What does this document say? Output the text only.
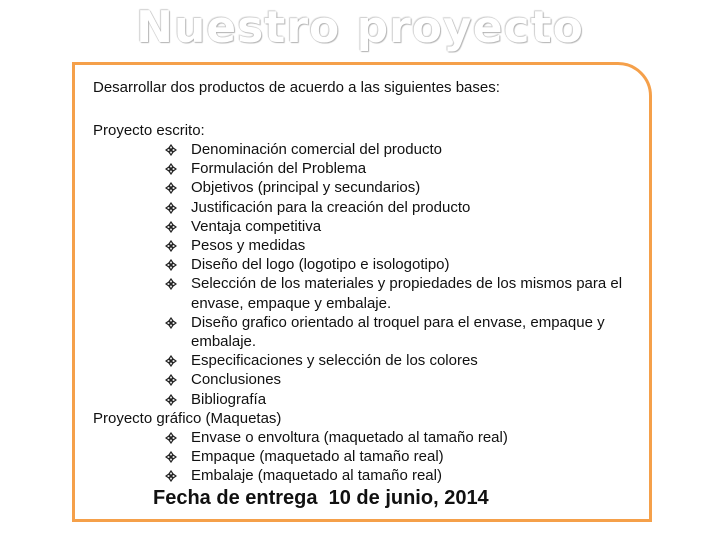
Nuestro proyecto
Desarrollar dos productos de acuerdo a las siguientes bases:
Proyecto escrito:
Denominación comercial del producto
Formulación del Problema
Objetivos (principal y secundarios)
Justificación para la creación del producto
Ventaja competitiva
Pesos y medidas
Diseño del logo (logotipo e isologotipo)
Selección de los materiales y propiedades de los mismos para el envase, empaque y embalaje.
Diseño grafico orientado al troquel para el envase, empaque y embalaje.
Especificaciones y selección de los colores
Conclusiones
Bibliografía
Proyecto gráfico (Maquetas)
Envase o envoltura (maquetado al tamaño real)
Empaque (maquetado al tamaño real)
Embalaje (maquetado al tamaño real)
Fecha de entrega  10 de junio, 2014
